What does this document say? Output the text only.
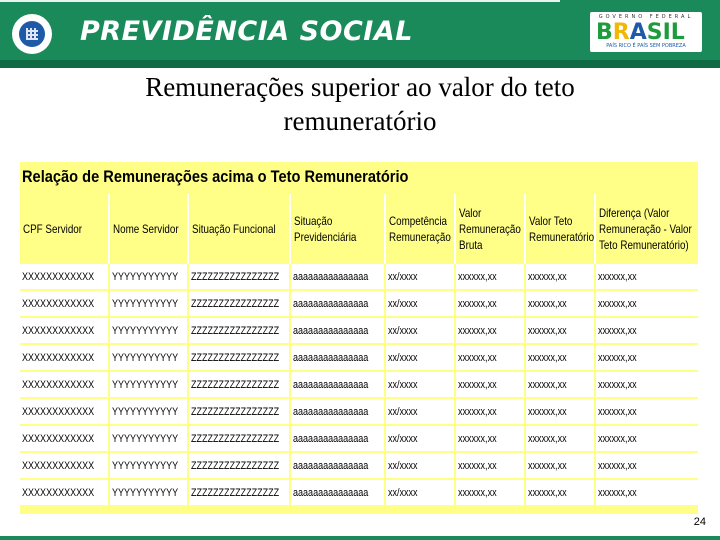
PREVIDÊNCIA SOCIAL	GOVERNO FEDERAL
BRASIL
PAÍS RICO É PAÍS SEM POBREZA
Remunerações superior ao valor do teto
remuneratório
Relação de Remunerações acima o Teto Remuneratório
CPF Servidor	Nome Servidor	Situação Funcional	Situação Previdenciária	Competência Remuneração	Valor Remuneração Bruta	Valor Teto Remuneratório	Diferença (Valor Remuneração - Valor Teto Remuneratório)
XXXXXXXXXXXX	YYYYYYYYYYY	ZZZZZZZZZZZZZZZZ	aaaaaaaaaaaaaaa	xx/xxxx	xxxxxx,xx	xxxxxx,xx	xxxxxx,xx
XXXXXXXXXXXX	YYYYYYYYYYY	ZZZZZZZZZZZZZZZZ	aaaaaaaaaaaaaaa	xx/xxxx	xxxxxx,xx	xxxxxx,xx	xxxxxx,xx
XXXXXXXXXXXX	YYYYYYYYYYY	ZZZZZZZZZZZZZZZZ	aaaaaaaaaaaaaaa	xx/xxxx	xxxxxx,xx	xxxxxx,xx	xxxxxx,xx
XXXXXXXXXXXX	YYYYYYYYYYY	ZZZZZZZZZZZZZZZZ	aaaaaaaaaaaaaaa	xx/xxxx	xxxxxx,xx	xxxxxx,xx	xxxxxx,xx
XXXXXXXXXXXX	YYYYYYYYYYY	ZZZZZZZZZZZZZZZZ	aaaaaaaaaaaaaaa	xx/xxxx	xxxxxx,xx	xxxxxx,xx	xxxxxx,xx
XXXXXXXXXXXX	YYYYYYYYYYY	ZZZZZZZZZZZZZZZZ	aaaaaaaaaaaaaaa	xx/xxxx	xxxxxx,xx	xxxxxx,xx	xxxxxx,xx
XXXXXXXXXXXX	YYYYYYYYYYY	ZZZZZZZZZZZZZZZZ	aaaaaaaaaaaaaaa	xx/xxxx	xxxxxx,xx	xxxxxx,xx	xxxxxx,xx
XXXXXXXXXXXX	YYYYYYYYYYY	ZZZZZZZZZZZZZZZZ	aaaaaaaaaaaaaaa	xx/xxxx	xxxxxx,xx	xxxxxx,xx	xxxxxx,xx
XXXXXXXXXXXX	YYYYYYYYYYY	ZZZZZZZZZZZZZZZZ	aaaaaaaaaaaaaaa	xx/xxxx	xxxxxx,xx	xxxxxx,xx	xxxxxx,xx
24
